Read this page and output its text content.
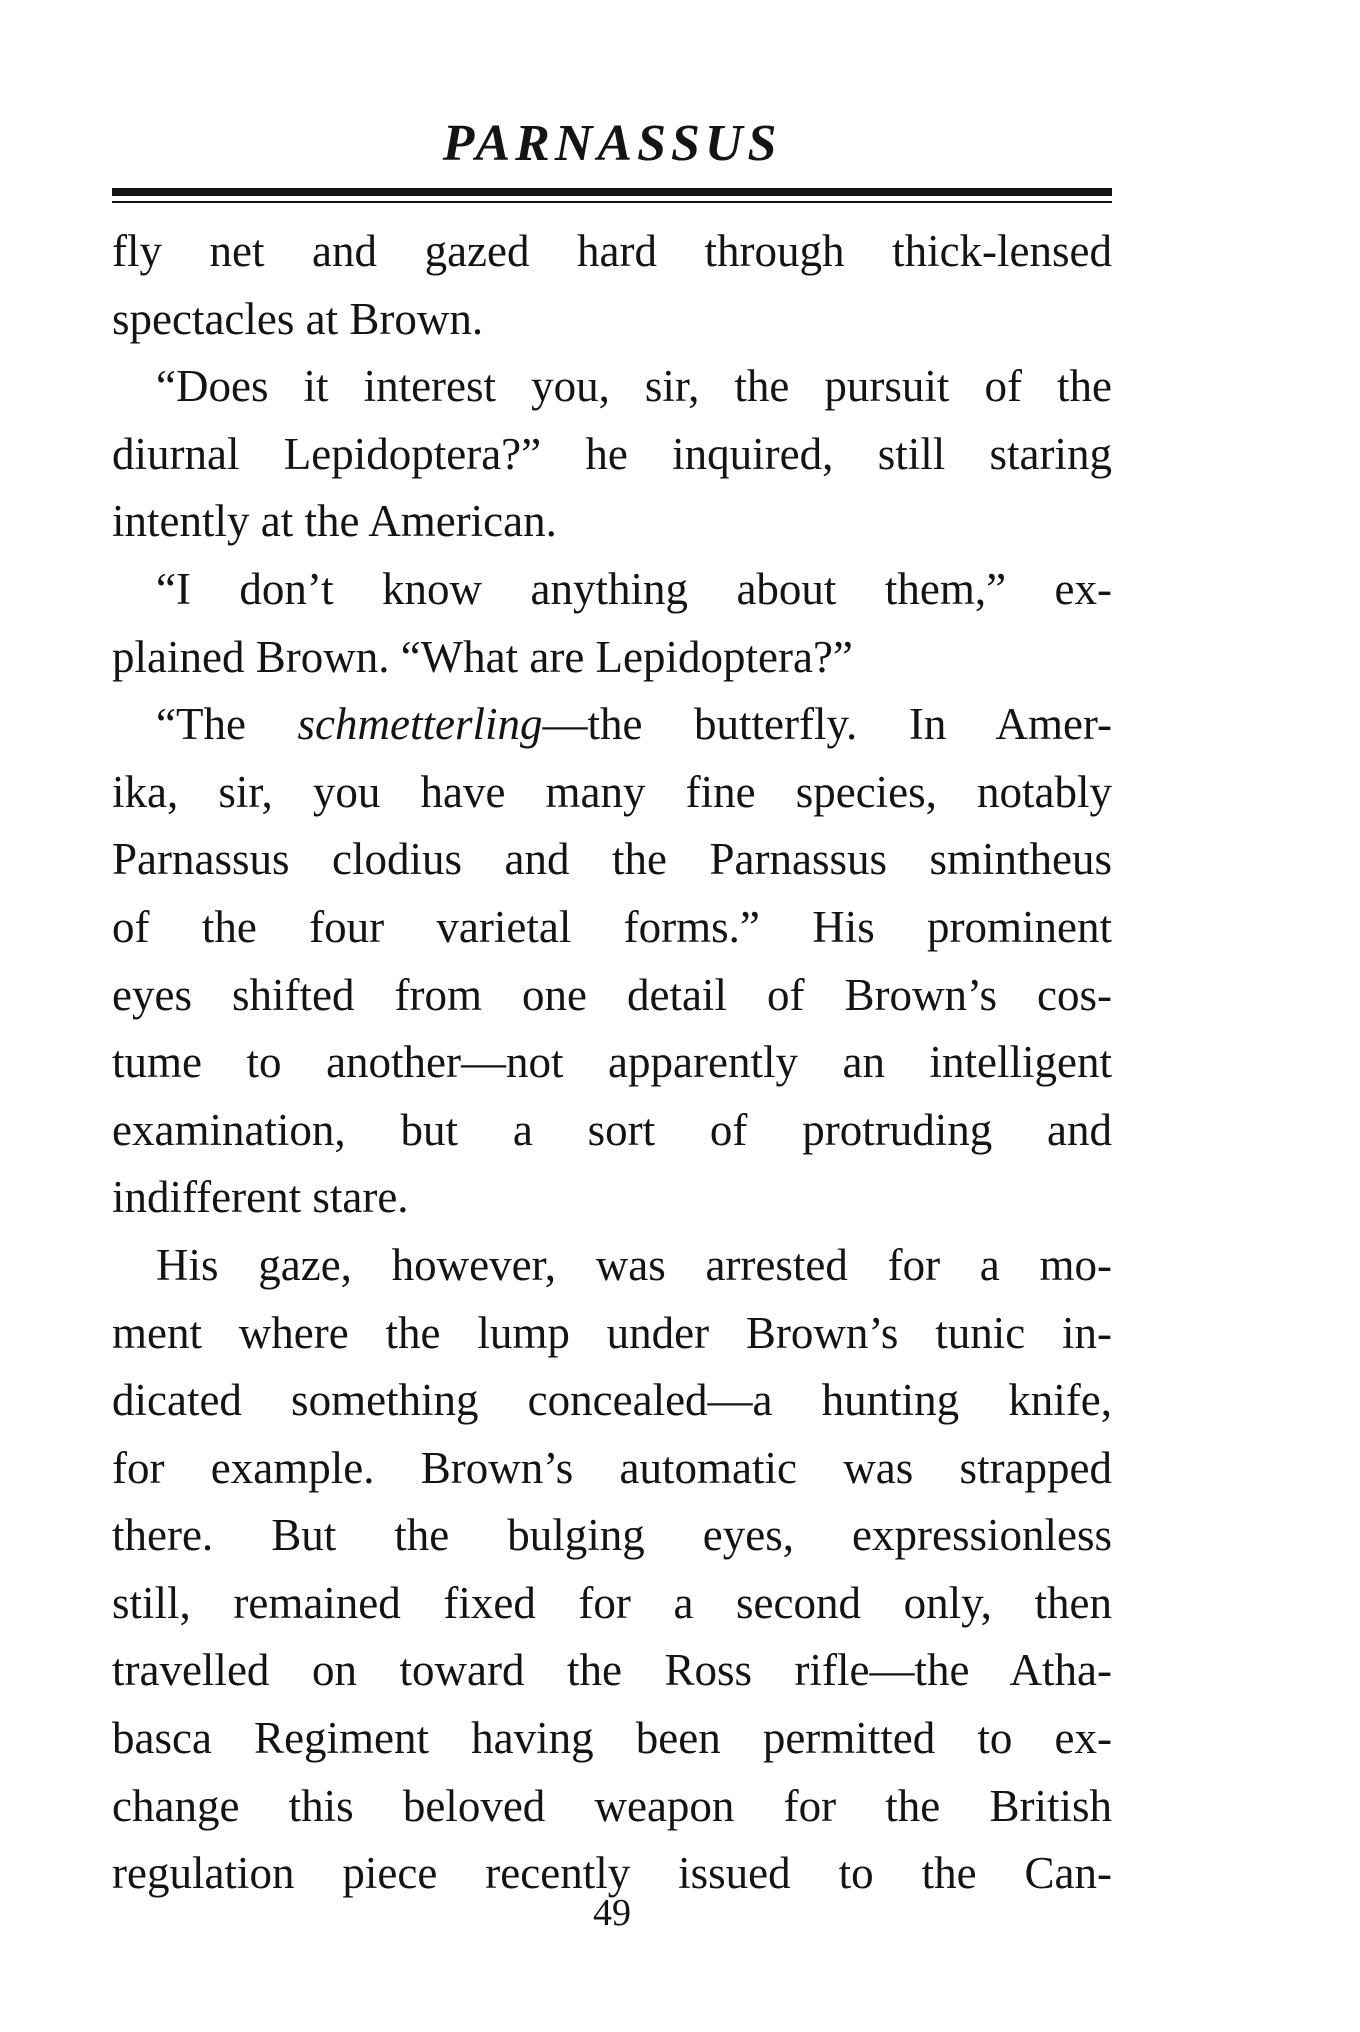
PARNASSUS
fly net and gazed hard through thick-lensed
spectacles at Brown.
“Does it interest you, sir, the pursuit of the
diurnal Lepidoptera?” he inquired, still staring
intently at the American.
“I don’t know anything about them,” ex-
plained Brown. “What are Lepidoptera?”
“The schmetterling—the butterfly. In Amer-
ika, sir, you have many fine species, notably
Parnassus clodius and the Parnassus smintheus
of the four varietal forms.” His prominent
eyes shifted from one detail of Brown’s cos-
tume to another—not apparently an intelligent
examination, but a sort of protruding and
indifferent stare.
His gaze, however, was arrested for a mo-
ment where the lump under Brown’s tunic in-
dicated something concealed—a hunting knife,
for example. Brown’s automatic was strapped
there. But the bulging eyes, expressionless
still, remained fixed for a second only, then
travelled on toward the Ross rifle—the Atha-
basca Regiment having been permitted to ex-
change this beloved weapon for the British
regulation piece recently issued to the Can-
49
